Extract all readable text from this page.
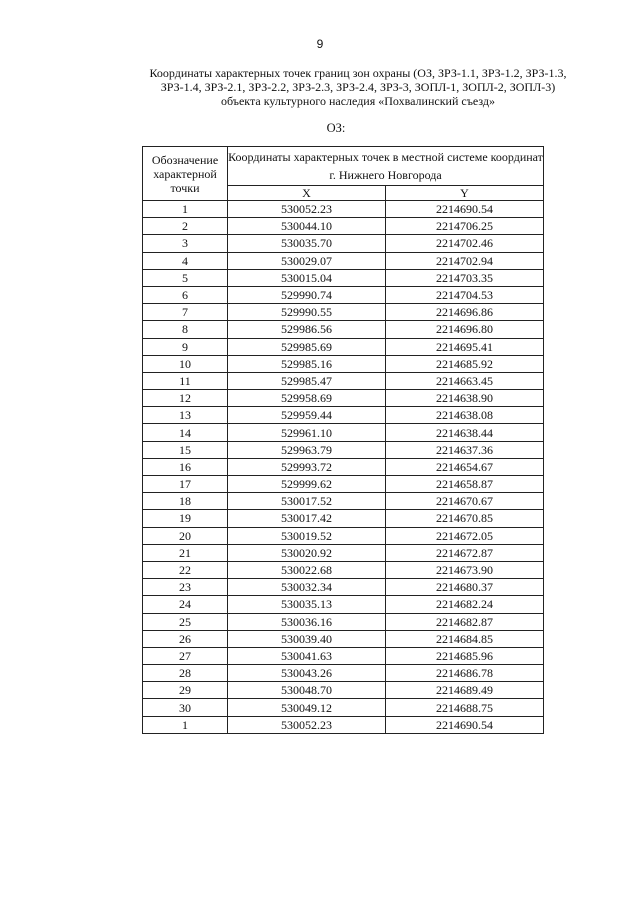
9
Координаты характерных точек границ зон охраны (ОЗ, ЗРЗ-1.1, ЗРЗ-1.2, ЗРЗ-1.3,
ЗРЗ-1.4, ЗРЗ-2.1, ЗРЗ-2.2, ЗРЗ-2.3, ЗРЗ-2.4, ЗРЗ-3, ЗОПЛ-1, ЗОПЛ-2, ЗОПЛ-3)
объекта культурного наследия «Похвалинский съезд»
ОЗ:
Обозначение характерной точки	Координаты характерных точек в местной системе координат г. Нижнего Новгорода	
	X	Y
1	530052.23	2214690.54
2	530044.10	2214706.25
3	530035.70	2214702.46
4	530029.07	2214702.94
5	530015.04	2214703.35
6	529990.74	2214704.53
7	529990.55	2214696.86
8	529986.56	2214696.80
9	529985.69	2214695.41
10	529985.16	2214685.92
11	529985.47	2214663.45
12	529958.69	2214638.90
13	529959.44	2214638.08
14	529961.10	2214638.44
15	529963.79	2214637.36
16	529993.72	2214654.67
17	529999.62	2214658.87
18	530017.52	2214670.67
19	530017.42	2214670.85
20	530019.52	2214672.05
21	530020.92	2214672.87
22	530022.68	2214673.90
23	530032.34	2214680.37
24	530035.13	2214682.24
25	530036.16	2214682.87
26	530039.40	2214684.85
27	530041.63	2214685.96
28	530043.26	2214686.78
29	530048.70	2214689.49
30	530049.12	2214688.75
1	530052.23	2214690.54
